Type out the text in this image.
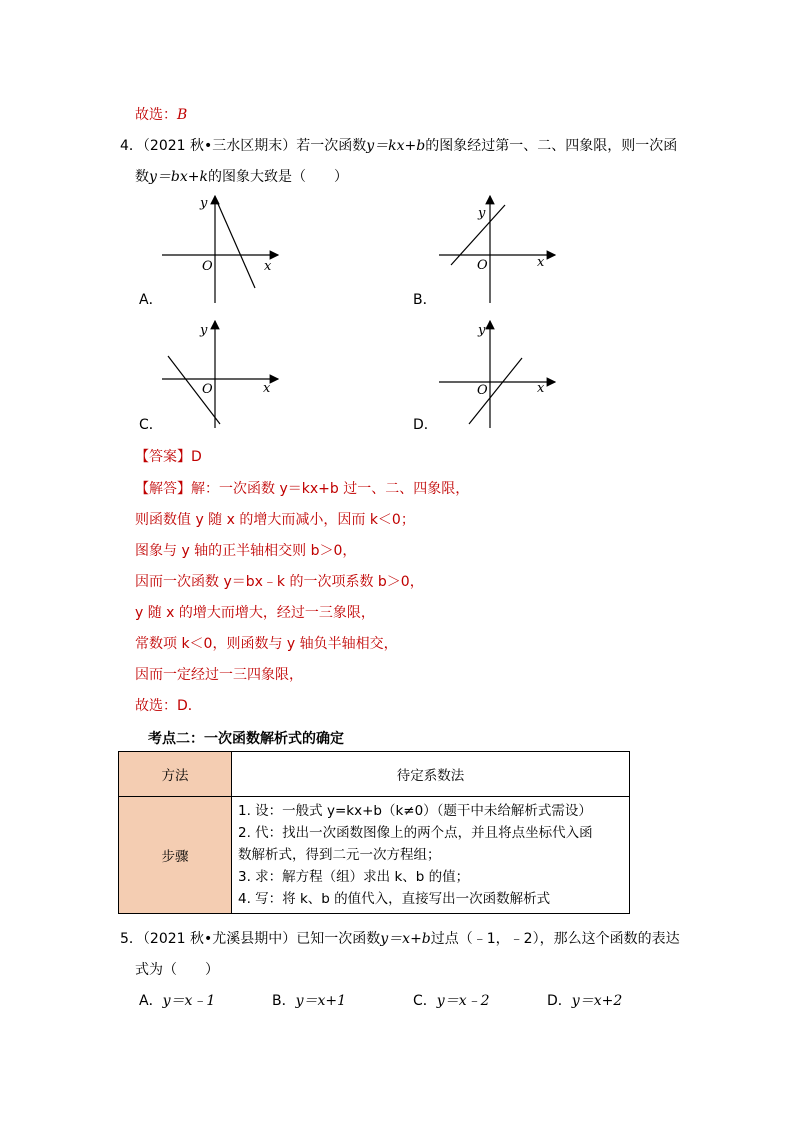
故选：B
4．（2021 秋•三水区期末）若一次函数y＝kx+b的图象经过第一、二、四象限，则一次函
数y＝bx+k的图象大致是（　　）
y
x
O
A．
y
x
O
B．
y
x
O
C．
y
x
O
D．
【答案】D
【解答】解：一次函数 y＝kx+b 过一、二、四象限，
则函数值 y 随 x 的增大而减小，因而 k＜0；
图象与 y 轴的正半轴相交则 b＞0，
因而一次函数 y＝bx﹣k 的一次项系数 b＞0，
y 随 x 的增大而增大，经过一三象限，
常数项 k＜0，则函数与 y 轴负半轴相交，
因而一定经过一三四象限，
故选：D．
考点二：一次函数解析式的确定
方法	待定系数法
步骤	1. 设：一般式 y=kx+b（k≠0）（题干中未给解析式需设）
2. 代：找出一次函数图像上的两个点，并且将点坐标代入函
数解析式，得到二元一次方程组；
3. 求：解方程（组）求出 k、b 的值；
4. 写：将 k、b 的值代入，直接写出一次函数解析式
5．（2021 秋•尤溪县期中）已知一次函数y＝x+b过点（﹣1，﹣2），那么这个函数的表达
式为（　　）
A．y＝x﹣1	B．y＝x+1	C．y＝x﹣2	D．y＝x+2
